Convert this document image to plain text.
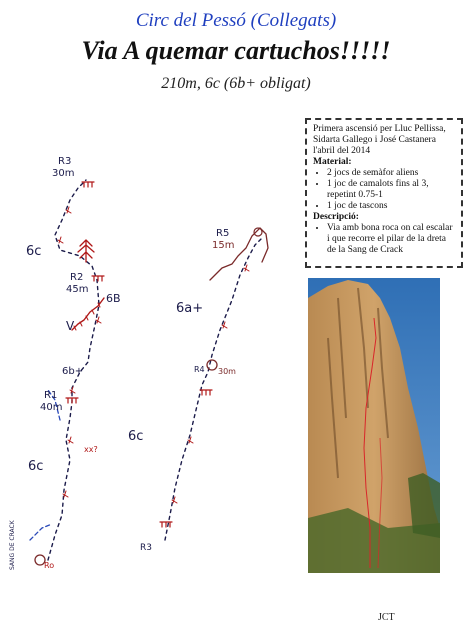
Circ del Pessó (Collegats)
Via A quemar cartuchos!!!!!
210m, 6c (6b+ obligat)
R3
30m
6c
R2
45m
6B
V
6b+
R1
40m
xx?
6c
SANG DE CRACK	Ro
R5
15m
6a+
R4 30m
6c
R3
Primera ascensió per Lluc Pellissa,
Sidarta Gallego i José Castanera
l'abril del 2014
Material:
• 2 jocs de semàfor aliens
• 1 joc de camalots fins al 3, repetint 0.75-1
• 1 joc de tascons
Descripció:
• Via amb bona roca on cal escalar i que recorre el pilar de la dreta de la Sang de Crack
JCT
